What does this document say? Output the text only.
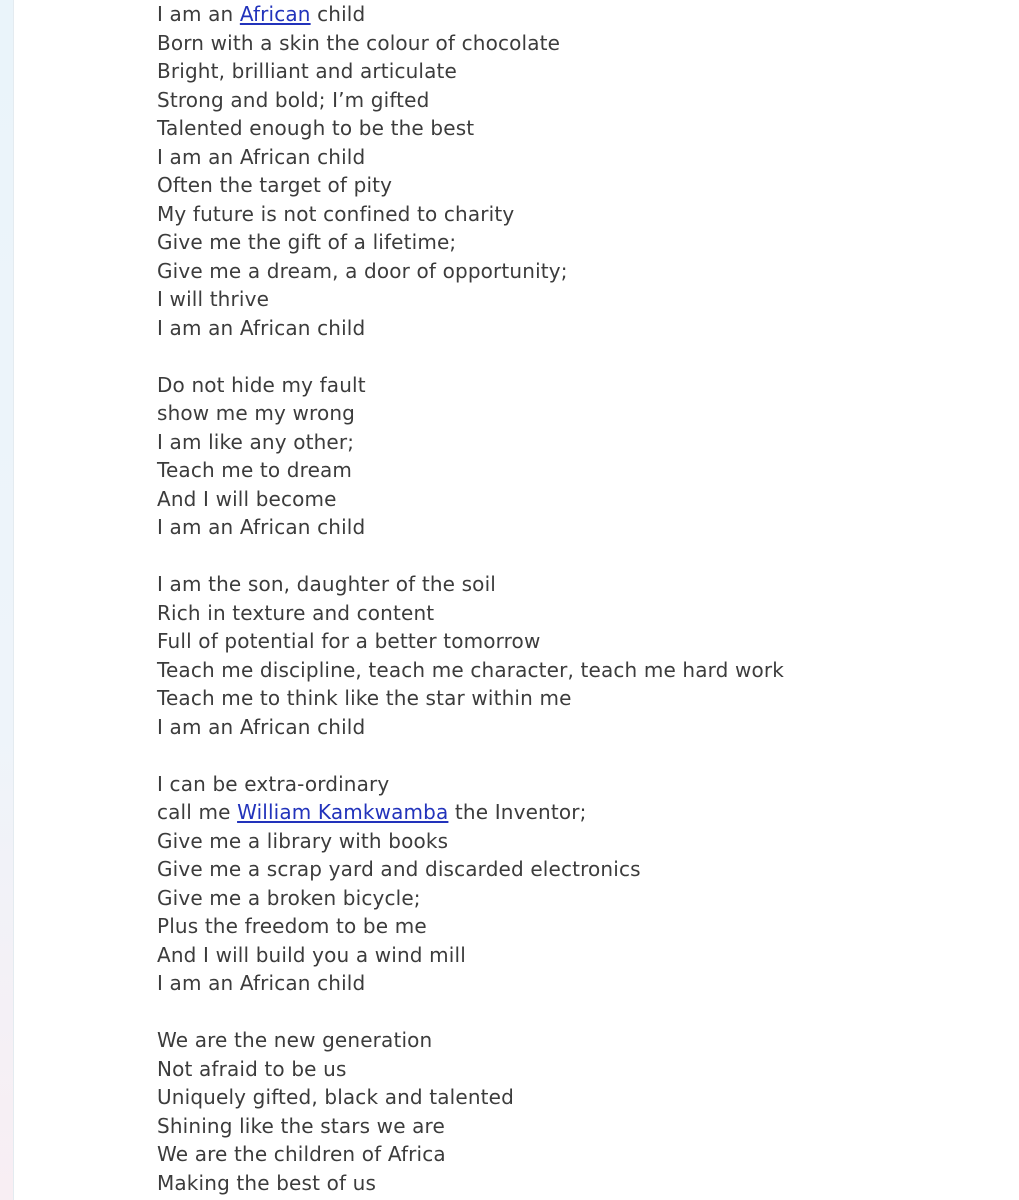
I am an African child
Born with a skin the colour of chocolate
Bright, brilliant and articulate
Strong and bold; I’m gifted
Talented enough to be the best
I am an African child
Often the target of pity
My future is not confined to charity
Give me the gift of a lifetime;
Give me a dream, a door of opportunity;
I will thrive
I am an African child
Do not hide my fault
show me my wrong
I am like any other;
Teach me to dream
And I will become
I am an African child
I am the son, daughter of the soil
Rich in texture and content
Full of potential for a better tomorrow
Teach me discipline, teach me character, teach me hard work
Teach me to think like the star within me
I am an African child
I can be extra-ordinary
call me William Kamkwamba the Inventor;
Give me a library with books
Give me a scrap yard and discarded electronics
Give me a broken bicycle;
Plus the freedom to be me
And I will build you a wind mill
I am an African child
We are the new generation
Not afraid to be us
Uniquely gifted, black and talented
Shining like the stars we are
We are the children of Africa
Making the best of us
